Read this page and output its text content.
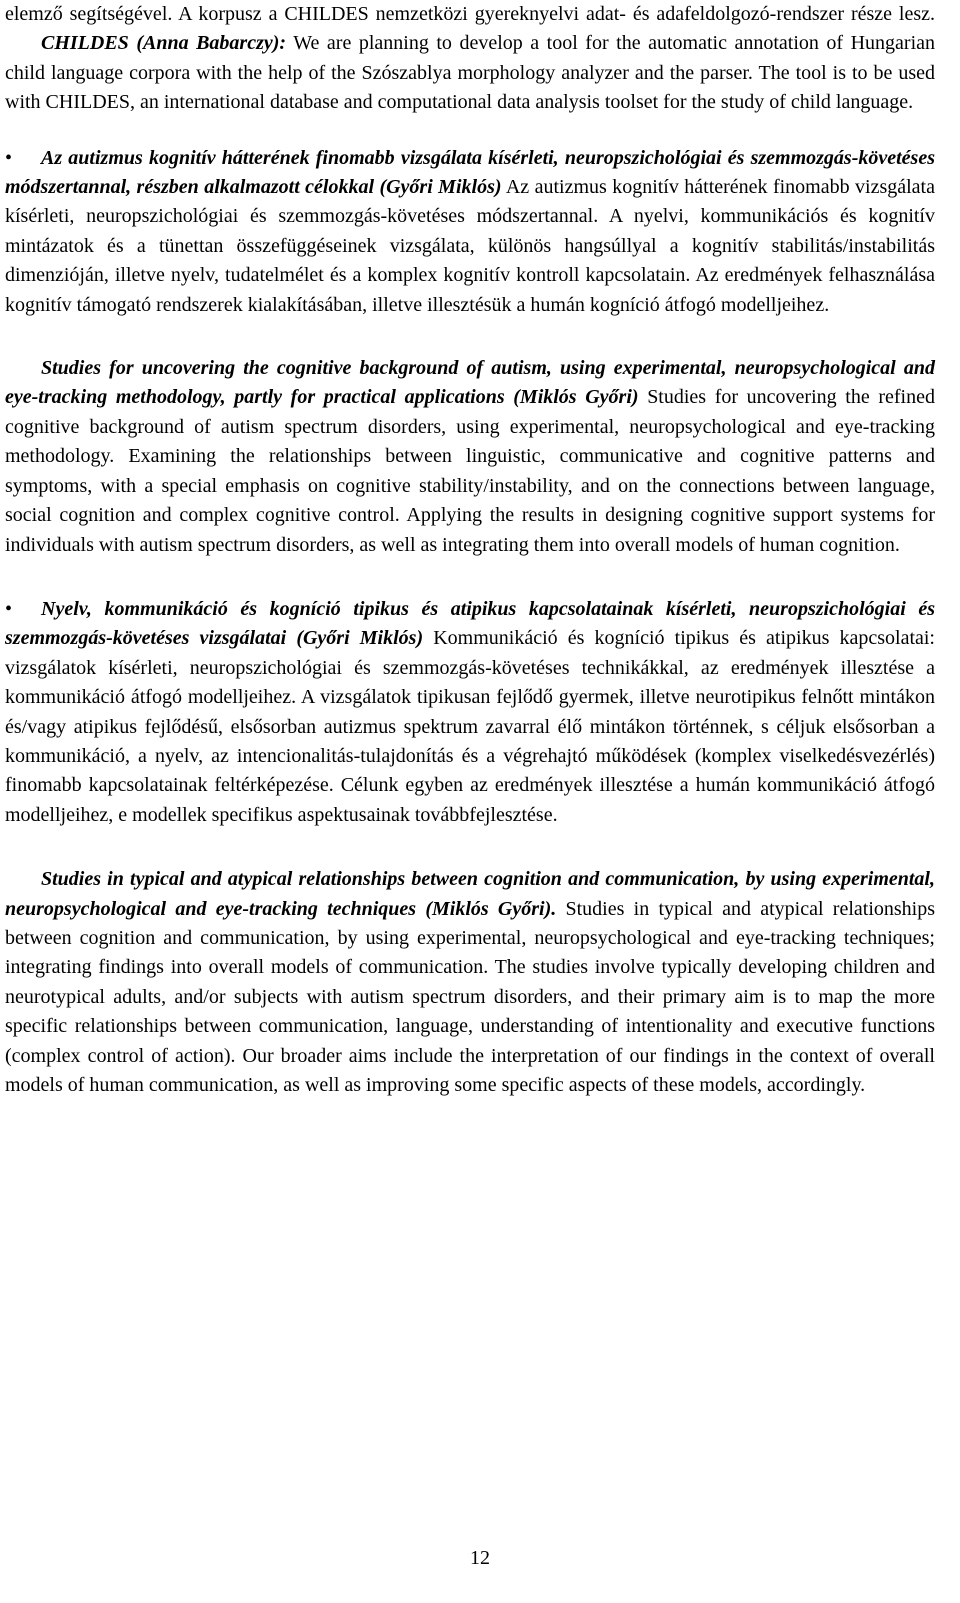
elemző segítségével. A korpusz a CHILDES nemzetközi gyereknyelvi adat- és adafeldolgozó-rendszer része lesz. CHILDES (Anna Babarczy): We are planning to develop a tool for the automatic annotation of Hungarian child language corpora with the help of the Szószablya morphology analyzer and the parser. The tool is to be used with CHILDES, an international database and computational data analysis toolset for the study of child language.

• Az autizmus kognitív hátterének finomabb vizsgálata kísérleti, neuropszichológiai és szemmozgás-követéses módszertannal, részben alkalmazott célokkal (Győri Miklós) Az autizmus kognitív hátterének finomabb vizsgálata kísérleti, neuropszichológiai és szemmozgás-követéses módszertannal. A nyelvi, kommunikációs és kognitív mintázatok és a tünettan összefüggéseinek vizsgálata, különös hangsúllyal a kognitív stabilitás/instabilitás dimenzióján, illetve nyelv, tudatelmélet és a komplex kognitív kontroll kapcsolatain. Az eredmények felhasználása kognitív támogató rendszerek kialakításában, illetve illesztésük a humán kogníció átfogó modelljeihez.

Studies for uncovering the cognitive background of autism, using experimental, neuropsychological and eye-tracking methodology, partly for practical applications (Miklós Győri) Studies for uncovering the refined cognitive background of autism spectrum disorders, using experimental, neuropsychological and eye-tracking methodology. Examining the relationships between linguistic, communicative and cognitive patterns and symptoms, with a special emphasis on cognitive stability/instability, and on the connections between language, social cognition and complex cognitive control. Applying the results in designing cognitive support systems for individuals with autism spectrum disorders, as well as integrating them into overall models of human cognition.

• Nyelv, kommunikáció és kogníció tipikus és atipikus kapcsolatainak kísérleti, neuropszichológiai és szemmozgás-követéses vizsgálatai (Győri Miklós) Kommunikáció és kogníció tipikus és atipikus kapcsolatai: vizsgálatok kísérleti, neuropszichológiai és szemmozgás-követéses technikákkal, az eredmények illesztése a kommunikáció átfogó modelljeihez. A vizsgálatok tipikusan fejlődő gyermek, illetve neurotipikus felnőtt mintákon és/vagy atipikus fejlődésű, elsősorban autizmus spektrum zavarral élő mintákon történnek, s céljuk elsősorban a kommunikáció, a nyelv, az intencionalitás-tulajdonítás és a végrehajtó működések (komplex viselkedésvezérlés) finomabb kapcsolatainak feltérképezése. Célunk egyben az eredmények illesztése a humán kommunikáció átfogó modelljeihez, e modellek specifikus aspektusainak továbbfejlesztése.

Studies in typical and atypical relationships between cognition and communication, by using experimental, neuropsychological and eye-tracking techniques (Miklós Győri). Studies in typical and atypical relationships between cognition and communication, by using experimental, neuropsychological and eye-tracking techniques; integrating findings into overall models of communication. The studies involve typically developing children and neurotypical adults, and/or subjects with autism spectrum disorders, and their primary aim is to map the more specific relationships between communication, language, understanding of intentionality and executive functions (complex control of action). Our broader aims include the interpretation of our findings in the context of overall models of human communication, as well as improving some specific aspects of these models, accordingly.

12
